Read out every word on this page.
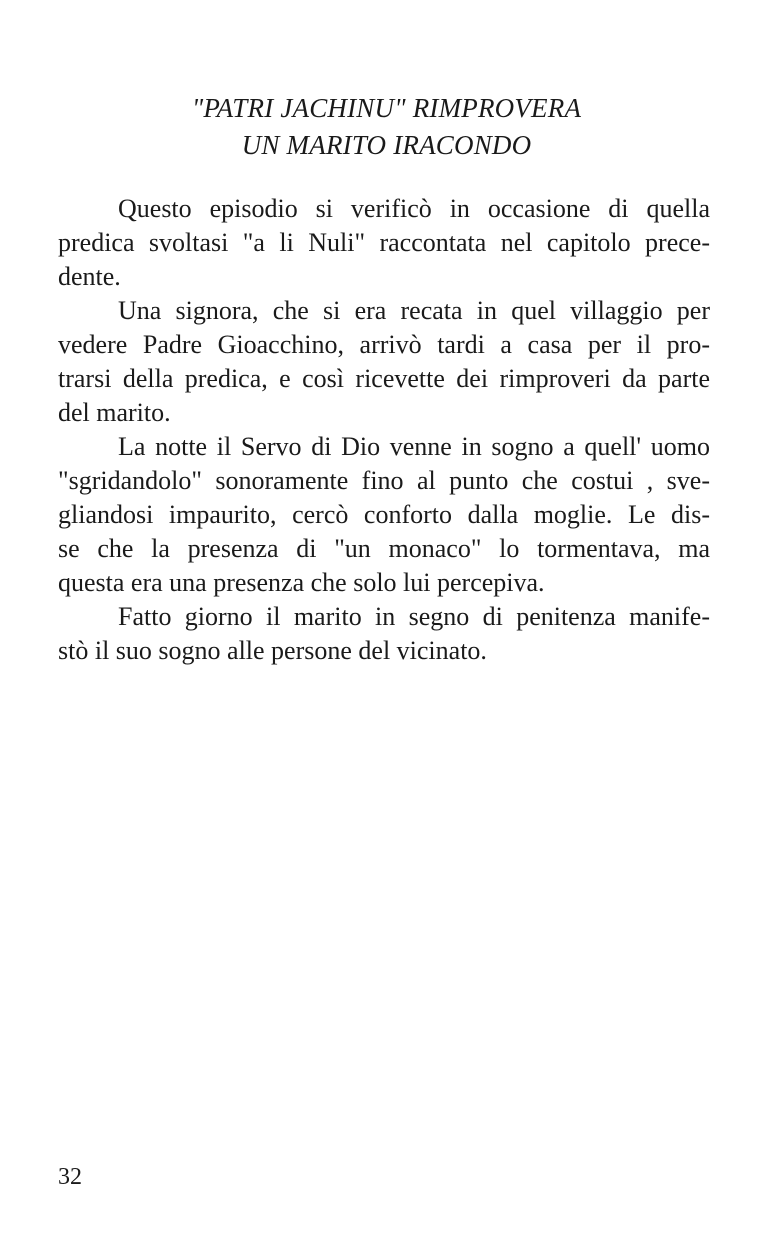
"PATRI JACHINU" RIMPROVERA
UN MARITO IRACONDO
Questo episodio si verificò in occasione di quella
predica svoltasi "a li Nuli" raccontata nel capitolo prece-
dente.
Una signora, che si era recata in quel villaggio per
vedere Padre Gioacchino, arrivò tardi a casa per il pro-
trarsi della predica, e così ricevette dei rimproveri da parte
del marito.
La notte il Servo di Dio venne in sogno a quell' uomo
"sgridandolo" sonoramente fino al punto che costui , sve-
gliandosi impaurito, cercò conforto dalla moglie. Le dis-
se che la presenza di "un monaco" lo tormentava, ma
questa era una presenza che solo lui percepiva.
Fatto giorno il marito in segno di penitenza manife-
stò il suo sogno alle persone del vicinato.
32
